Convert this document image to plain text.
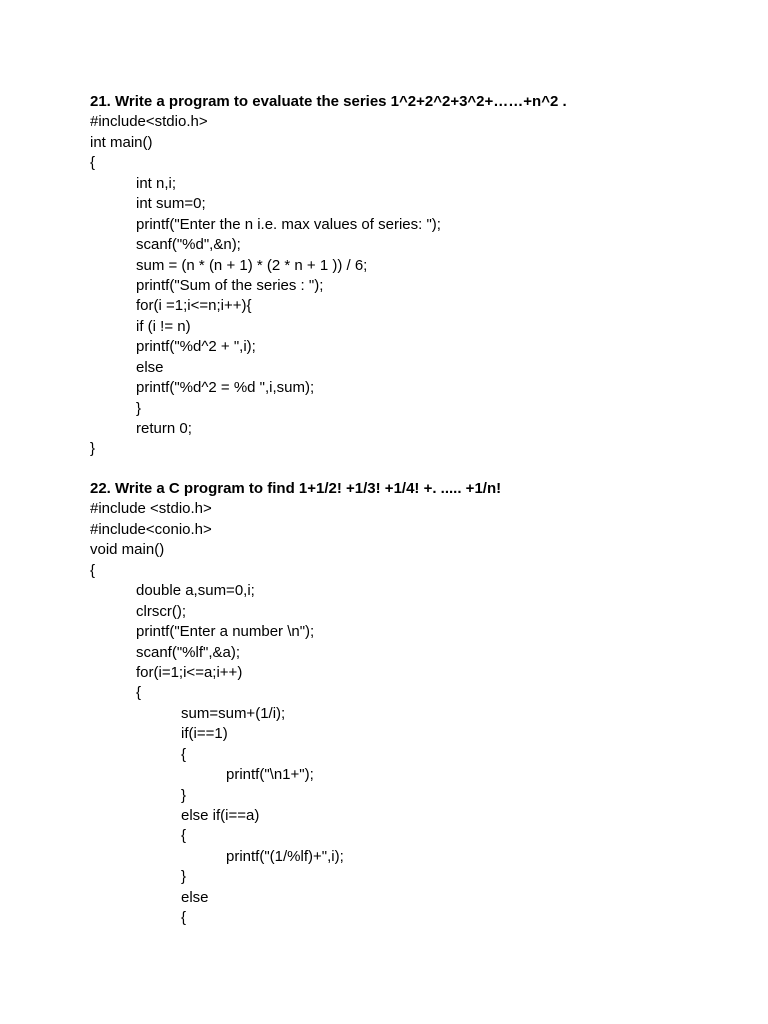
21. Write a program to evaluate the series 1^2+2^2+3^2+……+n^2 .
#include<stdio.h>
int main()
{
int n,i;
int sum=0;
printf("Enter the n i.e. max values of series: ");
scanf("%d",&n);
sum = (n * (n + 1) * (2 * n + 1 )) / 6;
printf("Sum of the series : ");
for(i =1;i<=n;i++){
if (i != n)
printf("%d^2 + ",i);
else
printf("%d^2 = %d ",i,sum);
}
return 0;
}
22. Write a C program to find 1+1/2! +1/3! +1/4! +. ..... +1/n!
#include <stdio.h>
#include<conio.h>
void main()
{
double a,sum=0,i;
clrscr();
printf("Enter a number \n");
scanf("%lf",&a);
for(i=1;i<=a;i++)
{
sum=sum+(1/i);
if(i==1)
{
printf("\n1+");
}
else if(i==a)
{
printf("(1/%lf)+",i);
}
else
{
